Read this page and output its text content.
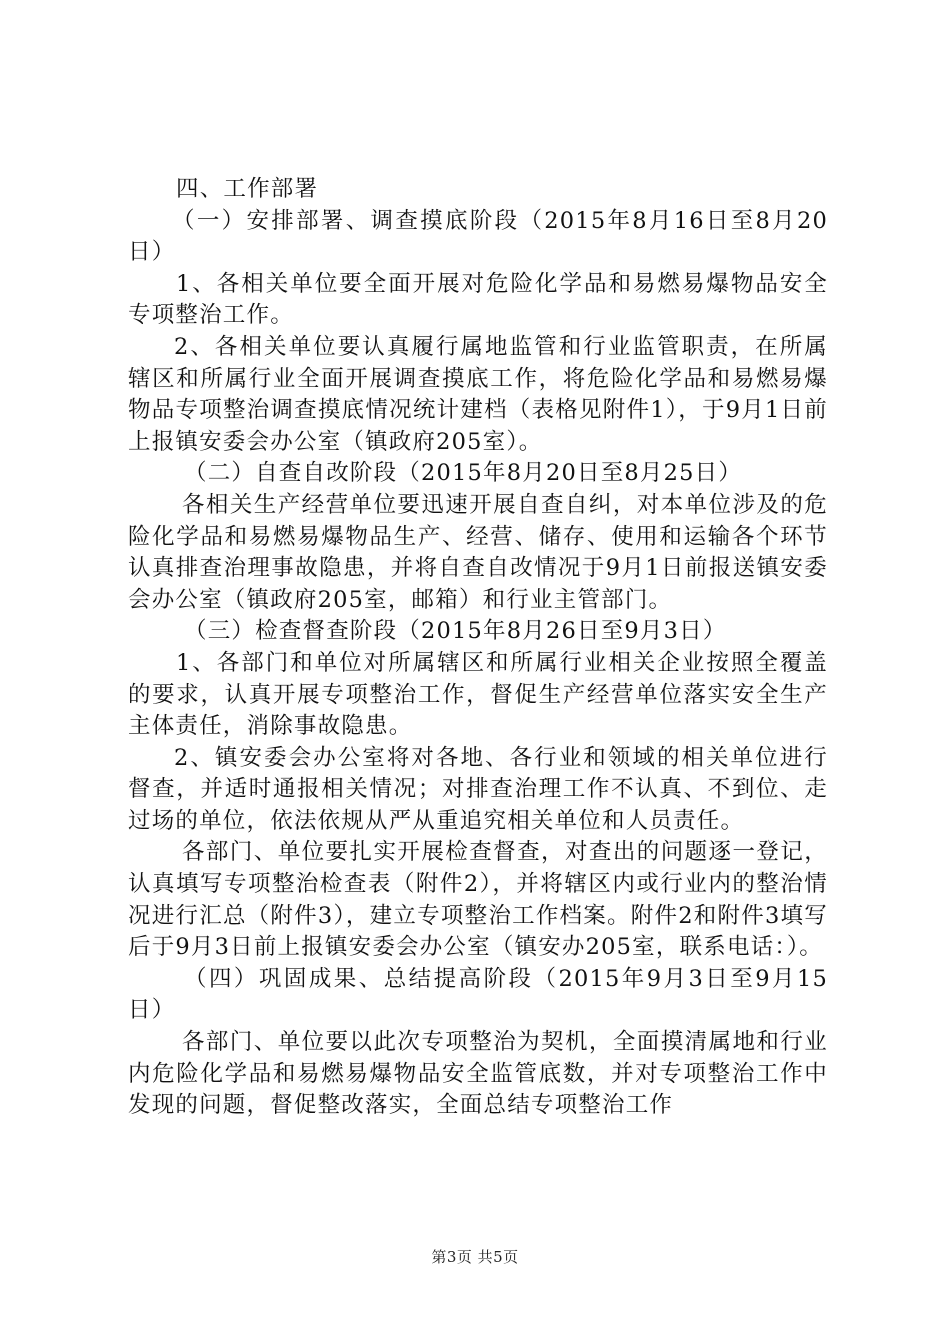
四、工作部署

（一）安排部署、调查摸底阶段（2015年8月16日至8月20日）

1、各相关单位要全面开展对危险化学品和易燃易爆物品安全专项整治工作。

2、各相关单位要认真履行属地监管和行业监管职责，在所属辖区和所属行业全面开展调查摸底工作，将危险化学品和易燃易爆物品专项整治调查摸底情况统计建档（表格见附件1），于9月1日前上报镇安委会办公室（镇政府205室）。

（二）自查自改阶段（2015年8月20日至8月25日）

各相关生产经营单位要迅速开展自查自纠，对本单位涉及的危险化学品和易燃易爆物品生产、经营、储存、使用和运输各个环节认真排查治理事故隐患，并将自查自改情况于9月1日前报送镇安委会办公室（镇政府205室，邮箱）和行业主管部门。

（三）检查督查阶段（2015年8月26日至9月3日）

1、各部门和单位对所属辖区和所属行业相关企业按照全覆盖的要求，认真开展专项整治工作，督促生产经营单位落实安全生产主体责任，消除事故隐患。

2、镇安委会办公室将对各地、各行业和领域的相关单位进行督查，并适时通报相关情况；对排查治理工作不认真、不到位、走过场的单位，依法依规从严从重追究相关单位和人员责任。

各部门、单位要扎实开展检查督查，对查出的问题逐一登记，认真填写专项整治检查表（附件2），并将辖区内或行业内的整治情况进行汇总（附件3），建立专项整治工作档案。附件2和附件3填写后于9月3日前上报镇安委会办公室（镇安办205室，联系电话：）。

（四）巩固成果、总结提高阶段（2015年9月3日至9月15日）

各部门、单位要以此次专项整治为契机，全面摸清属地和行业内危险化学品和易燃易爆物品安全监管底数，并对专项整治工作中发现的问题，督促整改落实，全面总结专项整治工作

第3页 共5页
